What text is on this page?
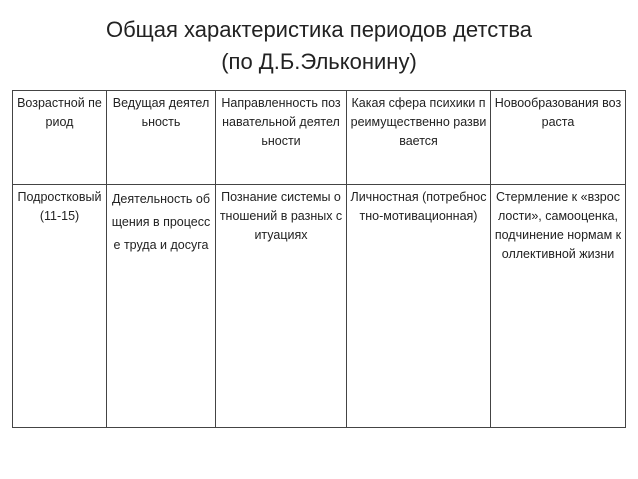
Общая характеристика периодов детства
(по Д.Б.Эльконину)
Возрастной период	Ведущая деятельность	Направленность познавательной деятельности	Какая сфера психики преимущественно развивается	Новообразования возраста
Подростковый (11-15)	Деятельность общения в процессе труда и досуга	Познание системы отношений в разных ситуациях	Личностная (потребностно-мотивационная)	Стермление к «взрослости», самооценка, подчинение нормам коллективной жизни
